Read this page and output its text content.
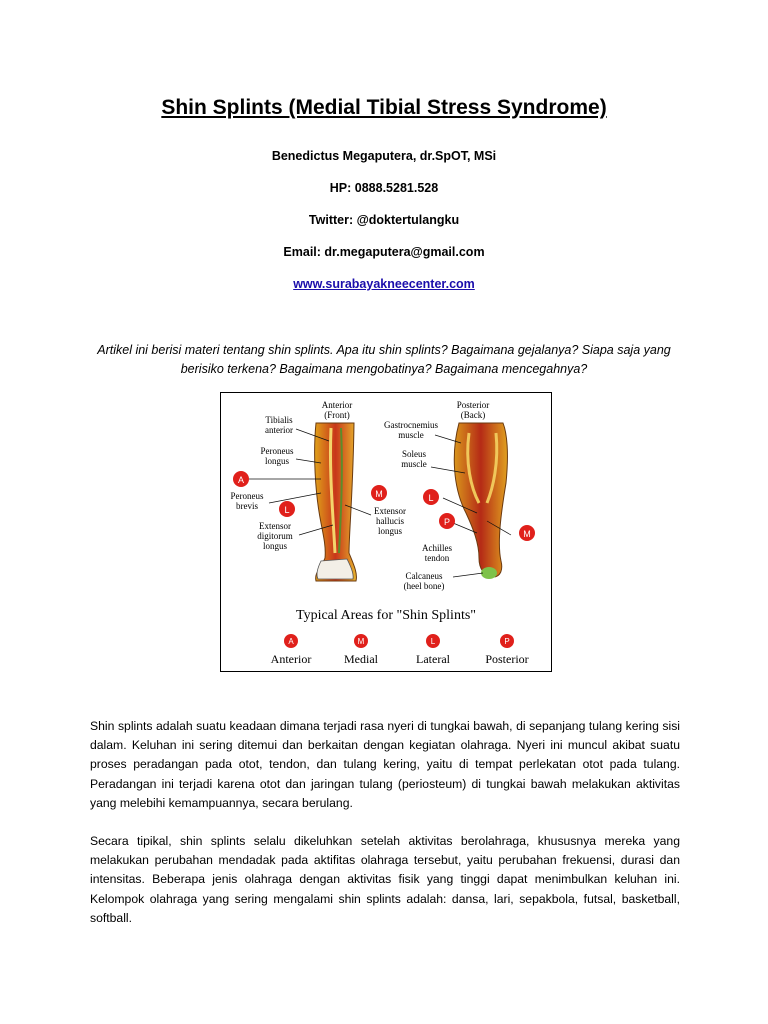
Shin Splints (Medial Tibial Stress Syndrome)

Benedictus Megaputera, dr.SpOT, MSi

HP: 0888.5281.528

Twitter: @doktertulangku

Email: dr.megaputera@gmail.com

www.surabayakneecenter.com

Artikel ini berisi materi tentang shin splints. Apa itu shin splints? Bagaimana gejalanya? Siapa saja yang berisiko terkena? Bagaimana mengobatinya? Bagaimana mencegahnya?

Anterior
(Front)
Posterior
(Back)
Tibialis
anterior
Peroneus
longus
Peroneus
brevis
Extensor
digitorum
longus
Extensor
hallucis
longus
Gastrocnemius
muscle
Soleus
muscle
Achilles
tendon
Calcaneus
(heel bone)
A
M
L
L
P
M
Typical Areas for "Shin Splints"
A
Anterior
M
Medial
L
Lateral
P
Posterior

Shin splints adalah suatu keadaan dimana terjadi rasa nyeri di tungkai bawah, di sepanjang tulang kering sisi dalam. Keluhan ini sering ditemui dan berkaitan dengan kegiatan olahraga. Nyeri ini muncul akibat suatu proses peradangan pada otot, tendon, dan tulang kering, yaitu di tempat perlekatan otot pada tulang. Peradangan ini terjadi karena otot dan jaringan tulang (periosteum) di tungkai bawah melakukan aktivitas yang melebihi kemampuannya, secara berulang.

Secara tipikal, shin splints selalu dikeluhkan setelah aktivitas berolahraga, khususnya mereka yang melakukan perubahan mendadak pada aktifitas olahraga tersebut, yaitu perubahan frekuensi, durasi dan intensitas. Beberapa jenis olahraga dengan aktivitas fisik yang tinggi dapat menimbulkan keluhan ini. Kelompok olahraga yang sering mengalami shin splints adalah: dansa, lari, sepakbola, futsal, basketball, softball.
